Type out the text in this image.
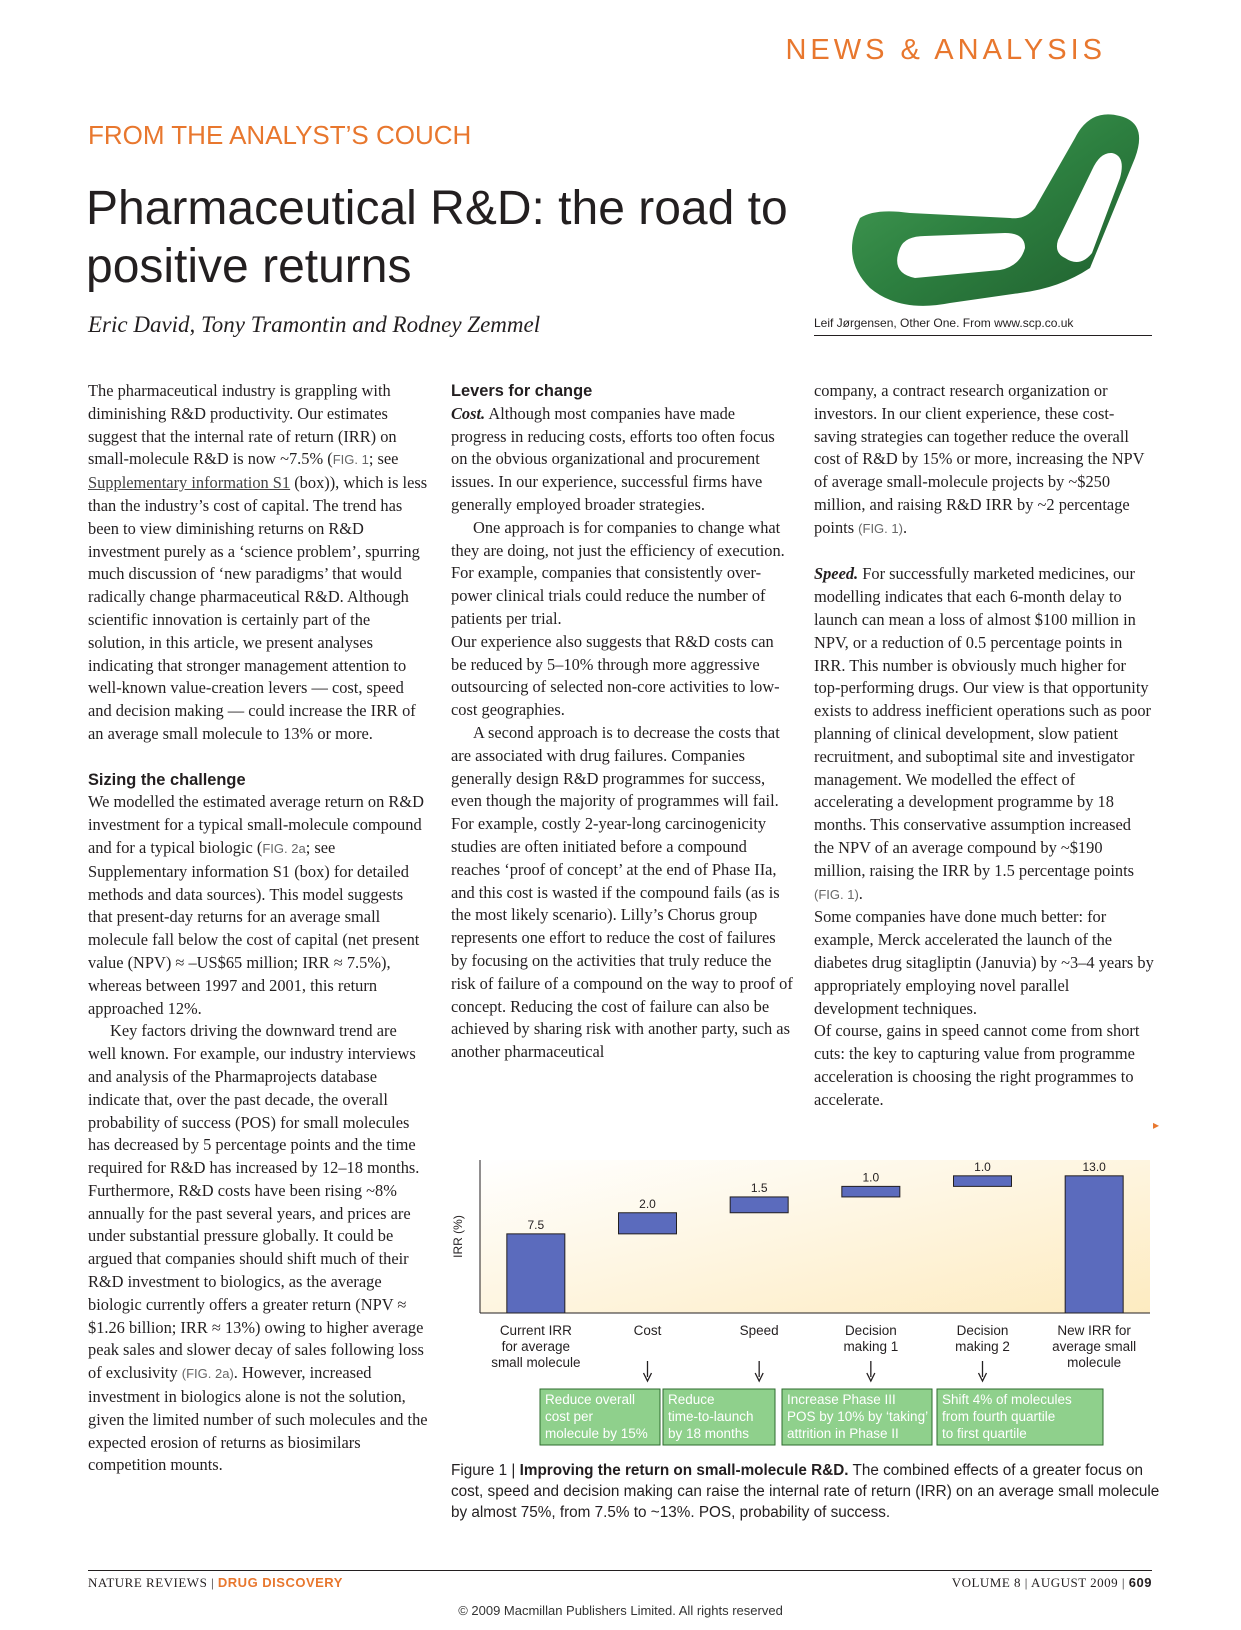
NEWS & ANALYSIS
FROM THE ANALYST’S COUCH
Pharmaceutical R&D: the road to positive returns
Eric David, Tony Tramontin and Rodney Zemmel	Leif Jørgensen, Other One. From www.scp.co.uk

The pharmaceutical industry is grappling with diminishing R&D productivity. Our estimates suggest that the internal rate of return (IRR) on small-molecule R&D is now ~7.5% (FIG. 1; see Supplementary information S1 (box)), which is less than the industry’s cost of capital. The trend has been to view diminishing returns on R&D investment purely as a ‘science problem’, spurring much discussion of ‘new paradigms’ that would radically change pharmaceutical R&D. Although scientific innovation is certainly part of the solution, in this article, we present analyses indicating that stronger management attention to well-known value-creation levers — cost, speed and decision making — could increase the IRR of an average small molecule to 13% or more.

Sizing the challenge

We modelled the estimated average return on R&D investment for a typical small-molecule compound and for a typical biologic (FIG. 2a; see Supplementary information S1 (box) for detailed methods and data sources). This model suggests that present-day returns for an average small molecule fall below the cost of capital (net present value (NPV) ≈ –US$65 million; IRR ≈ 7.5%), whereas between 1997 and 2001, this return approached 12%.

Key factors driving the downward trend are well known. For example, our industry interviews and analysis of the Pharmaprojects database indicate that, over the past decade, the overall probability of success (POS) for small molecules has decreased by 5 percentage points and the time required for R&D has increased by 12–18 months. Furthermore, R&D costs have been rising ~8% annually for the past several years, and prices are under substantial pressure globally. It could be argued that companies should shift much of their R&D investment to biologics, as the average biologic currently offers a greater return (NPV ≈ $1.26 billion; IRR ≈ 13%) owing to higher average peak sales and slower decay of sales following loss of exclusivity (FIG. 2a). However, increased investment in biologics alone is not the solution, given the limited number of such molecules and the expected erosion of returns as biosimilars competition mounts.

Levers for change

Cost. Although most companies have made progress in reducing costs, efforts too often focus on the obvious organizational and procurement issues. In our experience, successful firms have generally employed broader strategies.

One approach is for companies to change what they are doing, not just the efficiency of execution. For example, companies that consistently over-power clinical trials could reduce the number of patients per trial.

Our experience also suggests that R&D costs can be reduced by 5–10% through more aggressive outsourcing of selected non-core activities to low-cost geographies.

A second approach is to decrease the costs that are associated with drug failures. Companies generally design R&D programmes for success, even though the majority of programmes will fail. For example, costly 2-year-long carcinogenicity studies are often initiated before a compound reaches ‘proof of concept’ at the end of Phase IIa, and this cost is wasted if the compound fails (as is the most likely scenario). Lilly’s Chorus group represents one effort to reduce the cost of failures by focusing on the activities that truly reduce the risk of failure of a compound on the way to proof of concept. Reducing the cost of failure can also be achieved by sharing risk with another party, such as another pharmaceutical

company, a contract research organization or investors. In our client experience, these cost-saving strategies can together reduce the overall cost of R&D by 15% or more, increasing the NPV of average small-molecule projects by ~$250 million, and raising R&D IRR by ~2 percentage points (FIG. 1).

Speed. For successfully marketed medicines, our modelling indicates that each 6-month delay to launch can mean a loss of almost $100 million in NPV, or a reduction of 0.5 percentage points in IRR. This number is obviously much higher for top-performing drugs. Our view is that opportunity exists to address inefficient operations such as poor planning of clinical development, slow patient recruitment, and suboptimal site and investigator management. We modelled the effect of accelerating a development programme by 18 months. This conservative assumption increased the NPV of an average compound by ~$190 million, raising the IRR by 1.5 percentage points (FIG. 1).

Some companies have done much better: for example, Merck accelerated the launch of the diabetes drug sitagliptin (Januvia) by ~3–4 years by appropriately employing novel parallel development techniques.

Of course, gains in speed cannot come from short cuts: the key to capturing value from programme acceleration is choosing the right programmes to accelerate.

▸
IRR (%)	7.5
Current IRR
for average
small molecule
2.0
Cost
1.5
Speed
1.0
Decision
making 1
1.0
Decision
making 2
13.0
New IRR for
average small
molecule
Reduce overall
cost per
molecule by 15%
Reduce
time-to-launch
by 18 months
Increase Phase III
POS by 10% by ‘taking’
attrition in Phase II
Shift 4% of molecules
from fourth quartile
to first quartile
Figure 1 | Improving the return on small-molecule R&D. The combined effects of a greater focus on cost, speed and decision making can raise the internal rate of return (IRR) on an average small molecule by almost 75%, from 7.5% to ~13%. POS, probability of success.
NATURE REVIEWS | DRUG DISCOVERY	VOLUME 8 | AUGUST 2009 | 609
© 2009 Macmillan Publishers Limited. All rights reserved
